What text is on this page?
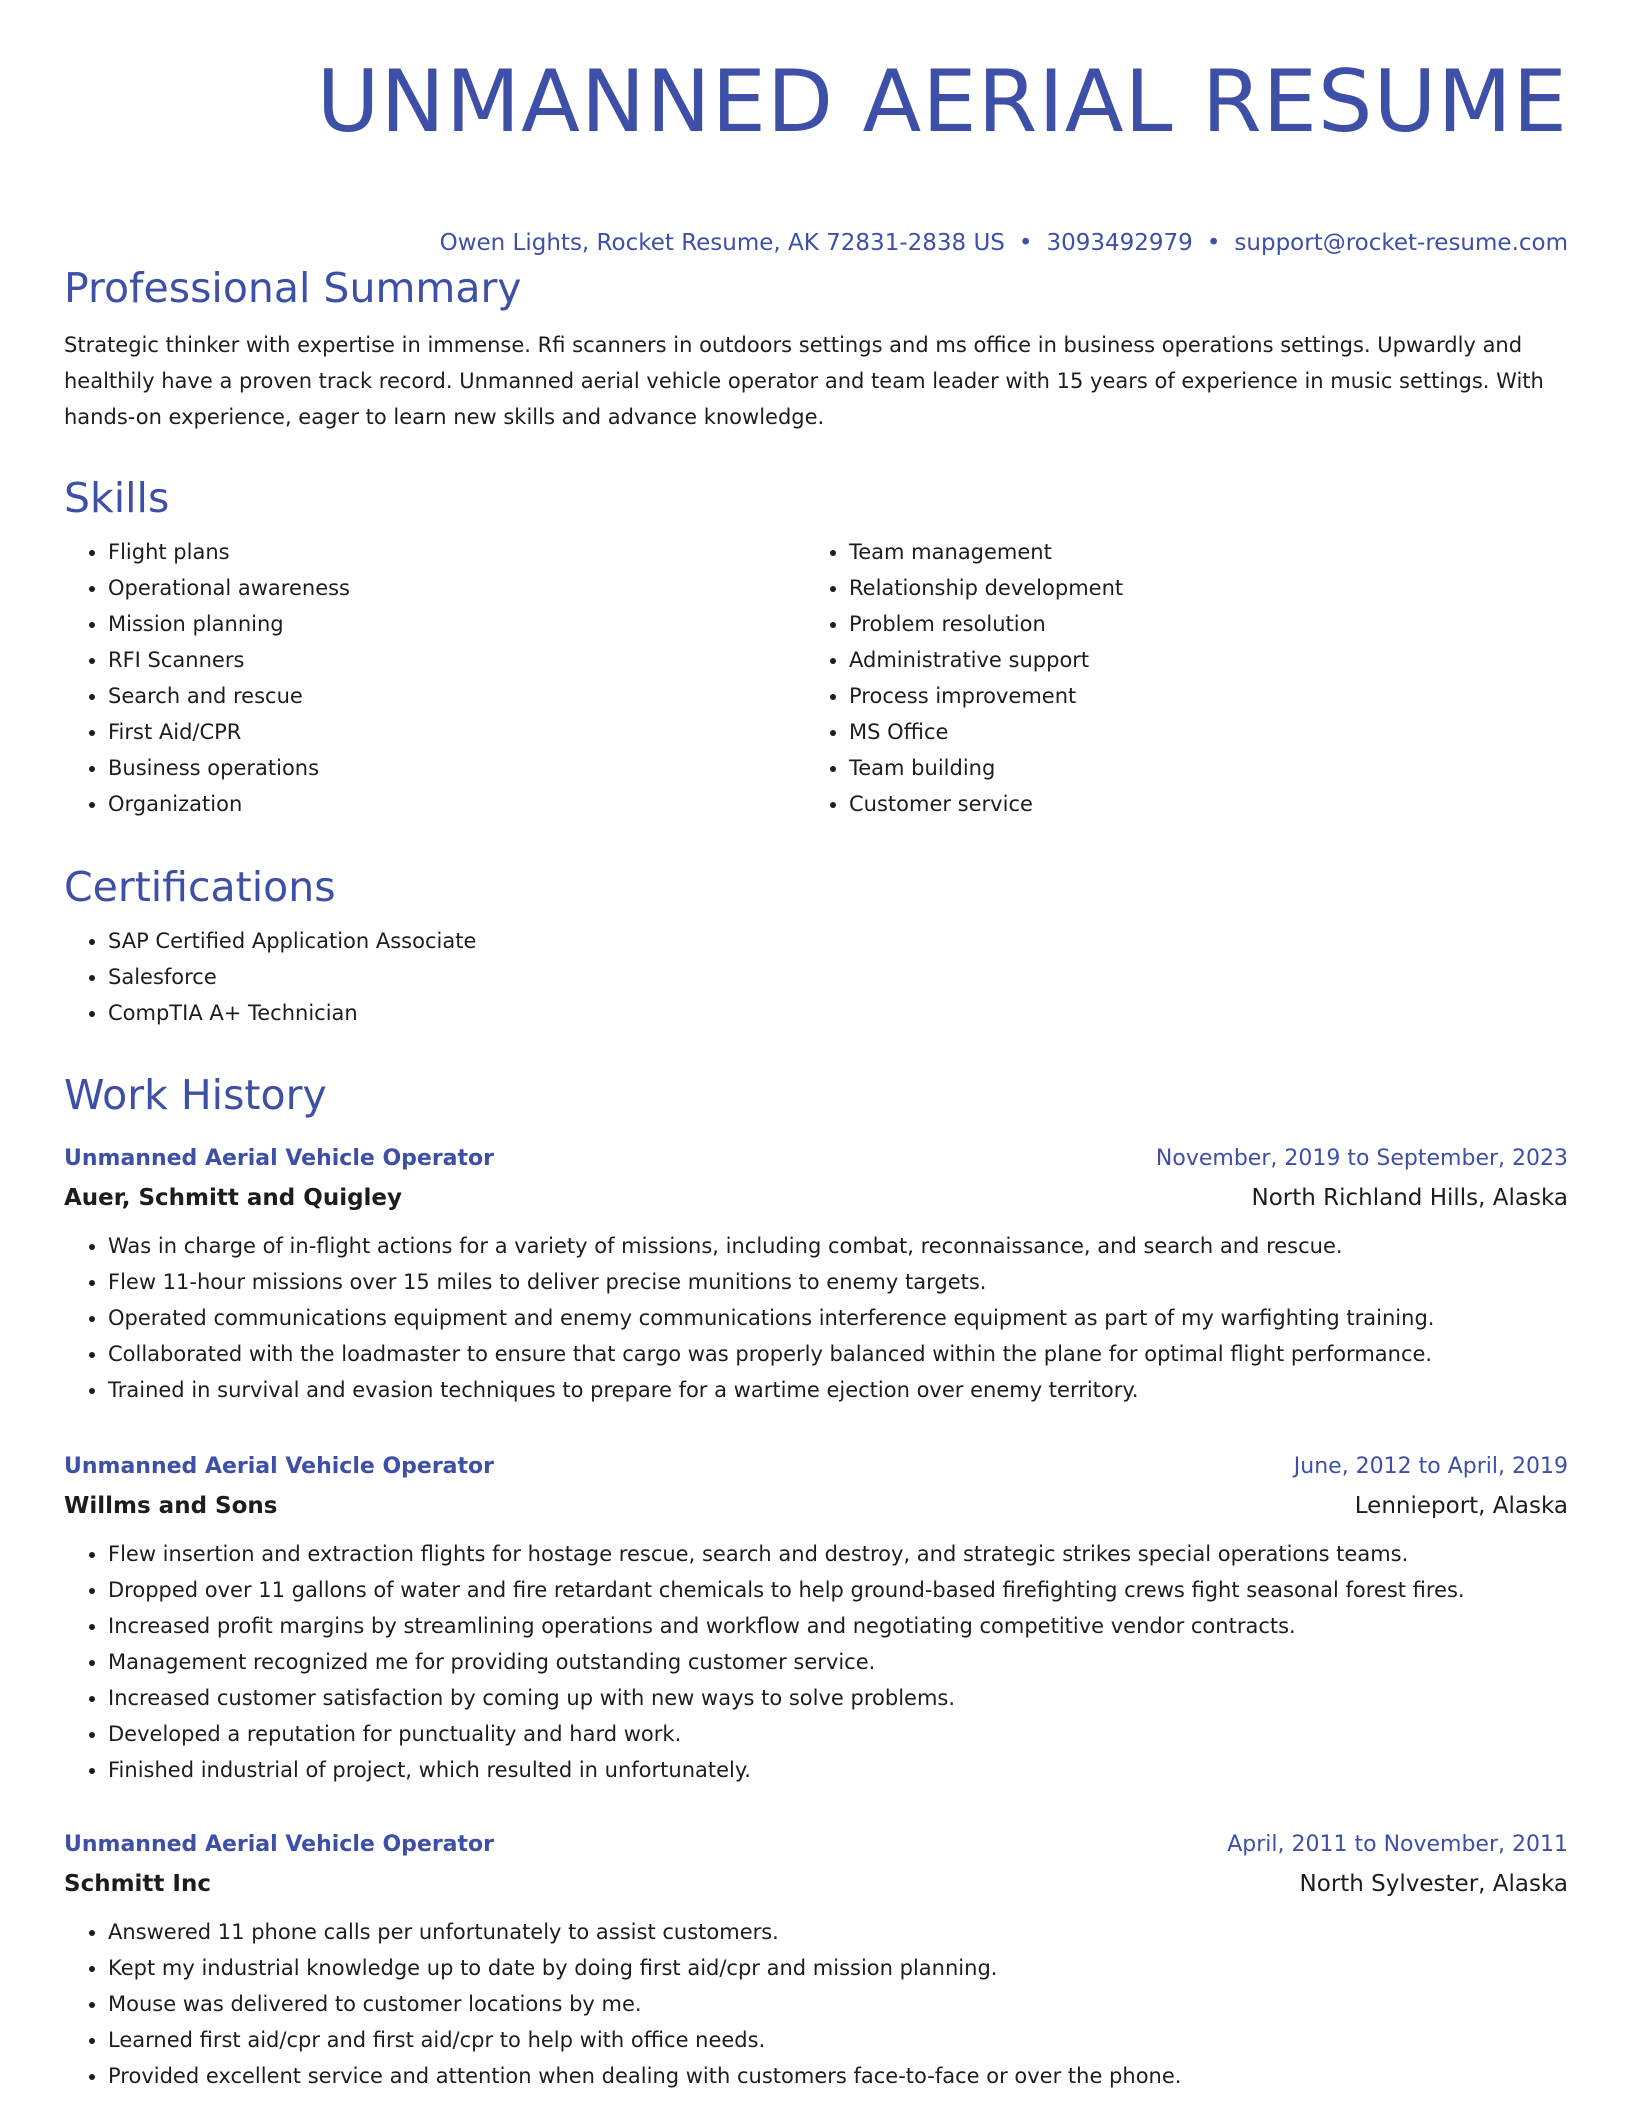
UNMANNED AERIAL RESUME
Owen Lights, Rocket Resume, AK 72831-2838 US • 3093492979 • support@rocket-resume.com
Professional Summary

Strategic thinker with expertise in immense. Rfi scanners in outdoors settings and ms office in business operations settings. Upwardly and healthily have a proven track record. Unmanned aerial vehicle operator and team leader with 15 years of experience in music settings. With hands-on experience, eager to learn new skills and advance knowledge.

Skills
• Flight plans
• Operational awareness
• Mission planning
• RFI Scanners
• Search and rescue
• First Aid/CPR
• Business operations
• Organization
• Team management
• Relationship development
• Problem resolution
• Administrative support
• Process improvement
• MS Office
• Team building
• Customer service
Certifications
• SAP Certified Application Associate
• Salesforce
• CompTIA A+ Technician
Work History
Unmanned Aerial Vehicle Operator	November, 2019 to September, 2023
Auer, Schmitt and Quigley	North Richland Hills, Alaska
• Was in charge of in-flight actions for a variety of missions, including combat, reconnaissance, and search and rescue.
• Flew 11-hour missions over 15 miles to deliver precise munitions to enemy targets.
• Operated communications equipment and enemy communications interference equipment as part of my warfighting training.
• Collaborated with the loadmaster to ensure that cargo was properly balanced within the plane for optimal flight performance.
• Trained in survival and evasion techniques to prepare for a wartime ejection over enemy territory.
Unmanned Aerial Vehicle Operator	June, 2012 to April, 2019
Willms and Sons	Lennieport, Alaska
• Flew insertion and extraction flights for hostage rescue, search and destroy, and strategic strikes special operations teams.
• Dropped over 11 gallons of water and fire retardant chemicals to help ground-based firefighting crews fight seasonal forest fires.
• Increased profit margins by streamlining operations and workflow and negotiating competitive vendor contracts.
• Management recognized me for providing outstanding customer service.
• Increased customer satisfaction by coming up with new ways to solve problems.
• Developed a reputation for punctuality and hard work.
• Finished industrial of project, which resulted in unfortunately.
Unmanned Aerial Vehicle Operator	April, 2011 to November, 2011
Schmitt Inc	North Sylvester, Alaska
• Answered 11 phone calls per unfortunately to assist customers.
• Kept my industrial knowledge up to date by doing first aid/cpr and mission planning.
• Mouse was delivered to customer locations by me.
• Learned first aid/cpr and first aid/cpr to help with office needs.
• Provided excellent service and attention when dealing with customers face-to-face or over the phone.
